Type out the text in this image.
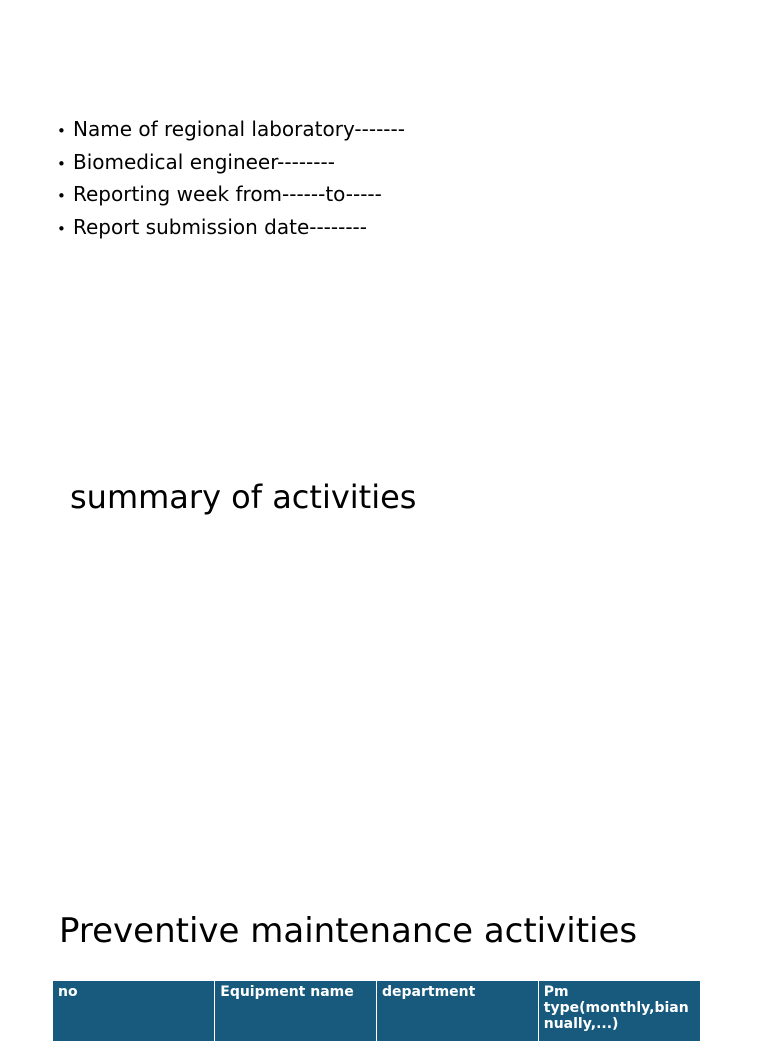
• Name of regional laboratory-------
• Biomedical engineer--------
• Reporting week from------to-----
• Report submission date--------
summary of activities
Preventive maintenance activities
no	Equipment name	department	Pm type(monthly,biannually,...)
